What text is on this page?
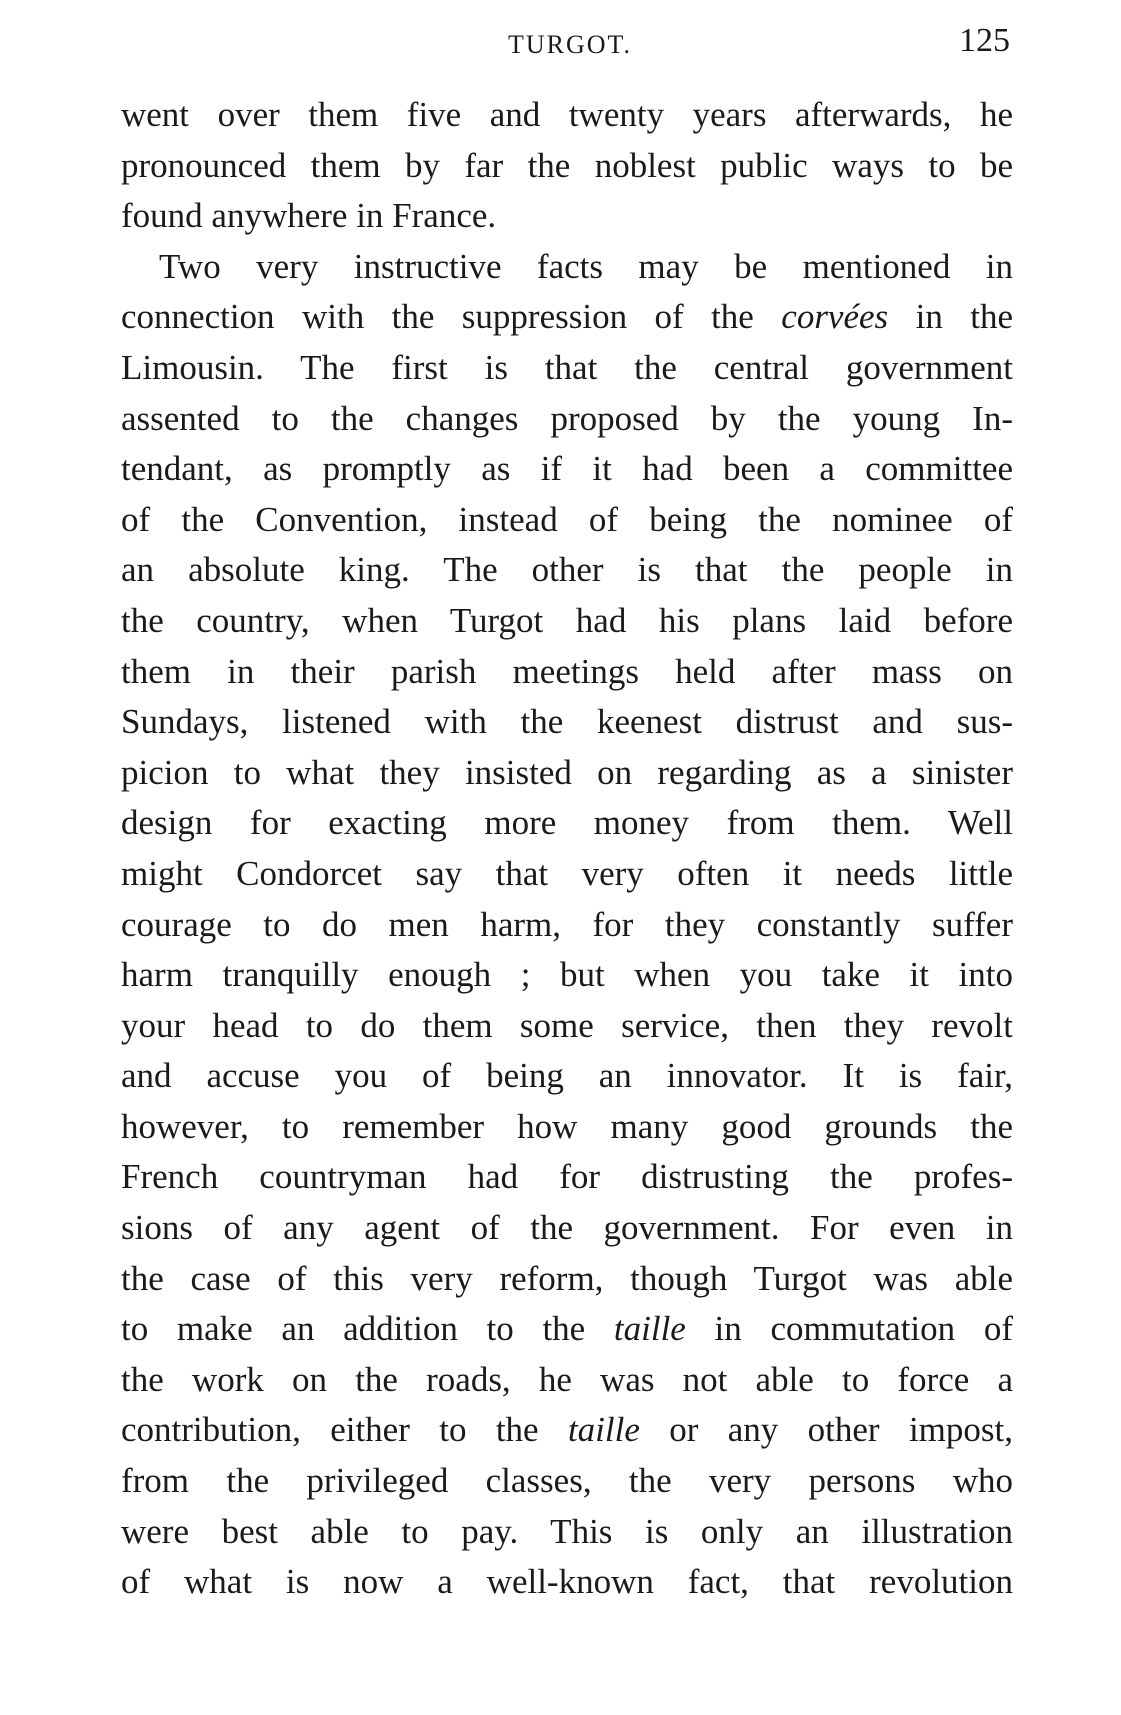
TURGOT.	125
went over them five and twenty years afterwards, he
pronounced them by far the noblest public ways to be
found anywhere in France.
Two very instructive facts may be mentioned in
connection with the suppression of the corvées in the
Limousin. The first is that the central government
assented to the changes proposed by the young In-
tendant, as promptly as if it had been a committee
of the Convention, instead of being the nominee of
an absolute king. The other is that the people in
the country, when Turgot had his plans laid before
them in their parish meetings held after mass on
Sundays, listened with the keenest distrust and sus-
picion to what they insisted on regarding as a sinister
design for exacting more money from them. Well
might Condorcet say that very often it needs little
courage to do men harm, for they constantly suffer
harm tranquilly enough ; but when you take it into
your head to do them some service, then they revolt
and accuse you of being an innovator. It is fair,
however, to remember how many good grounds the
French countryman had for distrusting the profes-
sions of any agent of the government. For even in
the case of this very reform, though Turgot was able
to make an addition to the taille in commutation of
the work on the roads, he was not able to force a
contribution, either to the taille or any other impost,
from the privileged classes, the very persons who
were best able to pay. This is only an illustration
of what is now a well-known fact, that revolution
